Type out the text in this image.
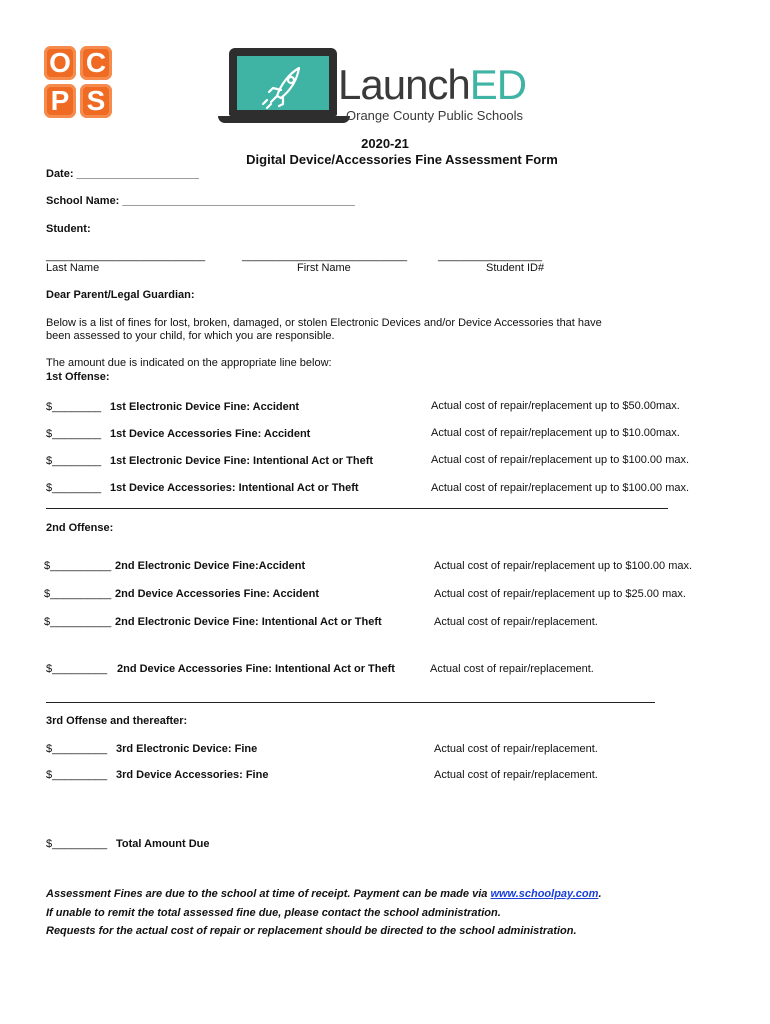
O C
P S	LaunchED
Orange County Public Schools
2020-21
Digital Device/Accessories Fine Assessment Form
Date: ____________________
School Name: ______________________________________
Student:
__________________________	___________________________	_________________
Last Name	First Name	Student ID#
Dear Parent/Legal Guardian:
Below is a list of fines for lost, broken, damaged, or stolen Electronic Devices and/or Device Accessories that have
been assessed to your child, for which you are responsible.
The amount due is indicated on the appropriate line below:
1st Offense:
$________ 1st Electronic Device Fine: Accident	Actual cost of repair/replacement up to $50.00max.
$________ 1st Device Accessories Fine: Accident	Actual cost of repair/replacement up to $10.00max.
$________ 1st Electronic Device Fine: Intentional Act or Theft	Actual cost of repair/replacement up to $100.00 max.
$________ 1st Device Accessories: Intentional Act or Theft	Actual cost of repair/replacement up to $100.00 max.
2nd Offense:
$__________ 2nd Electronic Device Fine:Accident	Actual cost of repair/replacement up to $100.00 max.
$__________ 2nd Device Accessories Fine: Accident	Actual cost of repair/replacement up to $25.00 max.
$__________ 2nd Electronic Device Fine: Intentional Act or Theft	Actual cost of repair/replacement.
$_________ 2nd Device Accessories Fine: Intentional Act or Theft	Actual cost of repair/replacement.
3rd Offense and thereafter:
$_________ 3rd Electronic Device: Fine	Actual cost of repair/replacement.
$_________ 3rd Device Accessories: Fine	Actual cost of repair/replacement.
$_________ Total Amount Due
Assessment Fines are due to the school at time of receipt. Payment can be made via www.schoolpay.com.
If unable to remit the total assessed fine due, please contact the school administration.
Requests for the actual cost of repair or replacement should be directed to the school administration.
